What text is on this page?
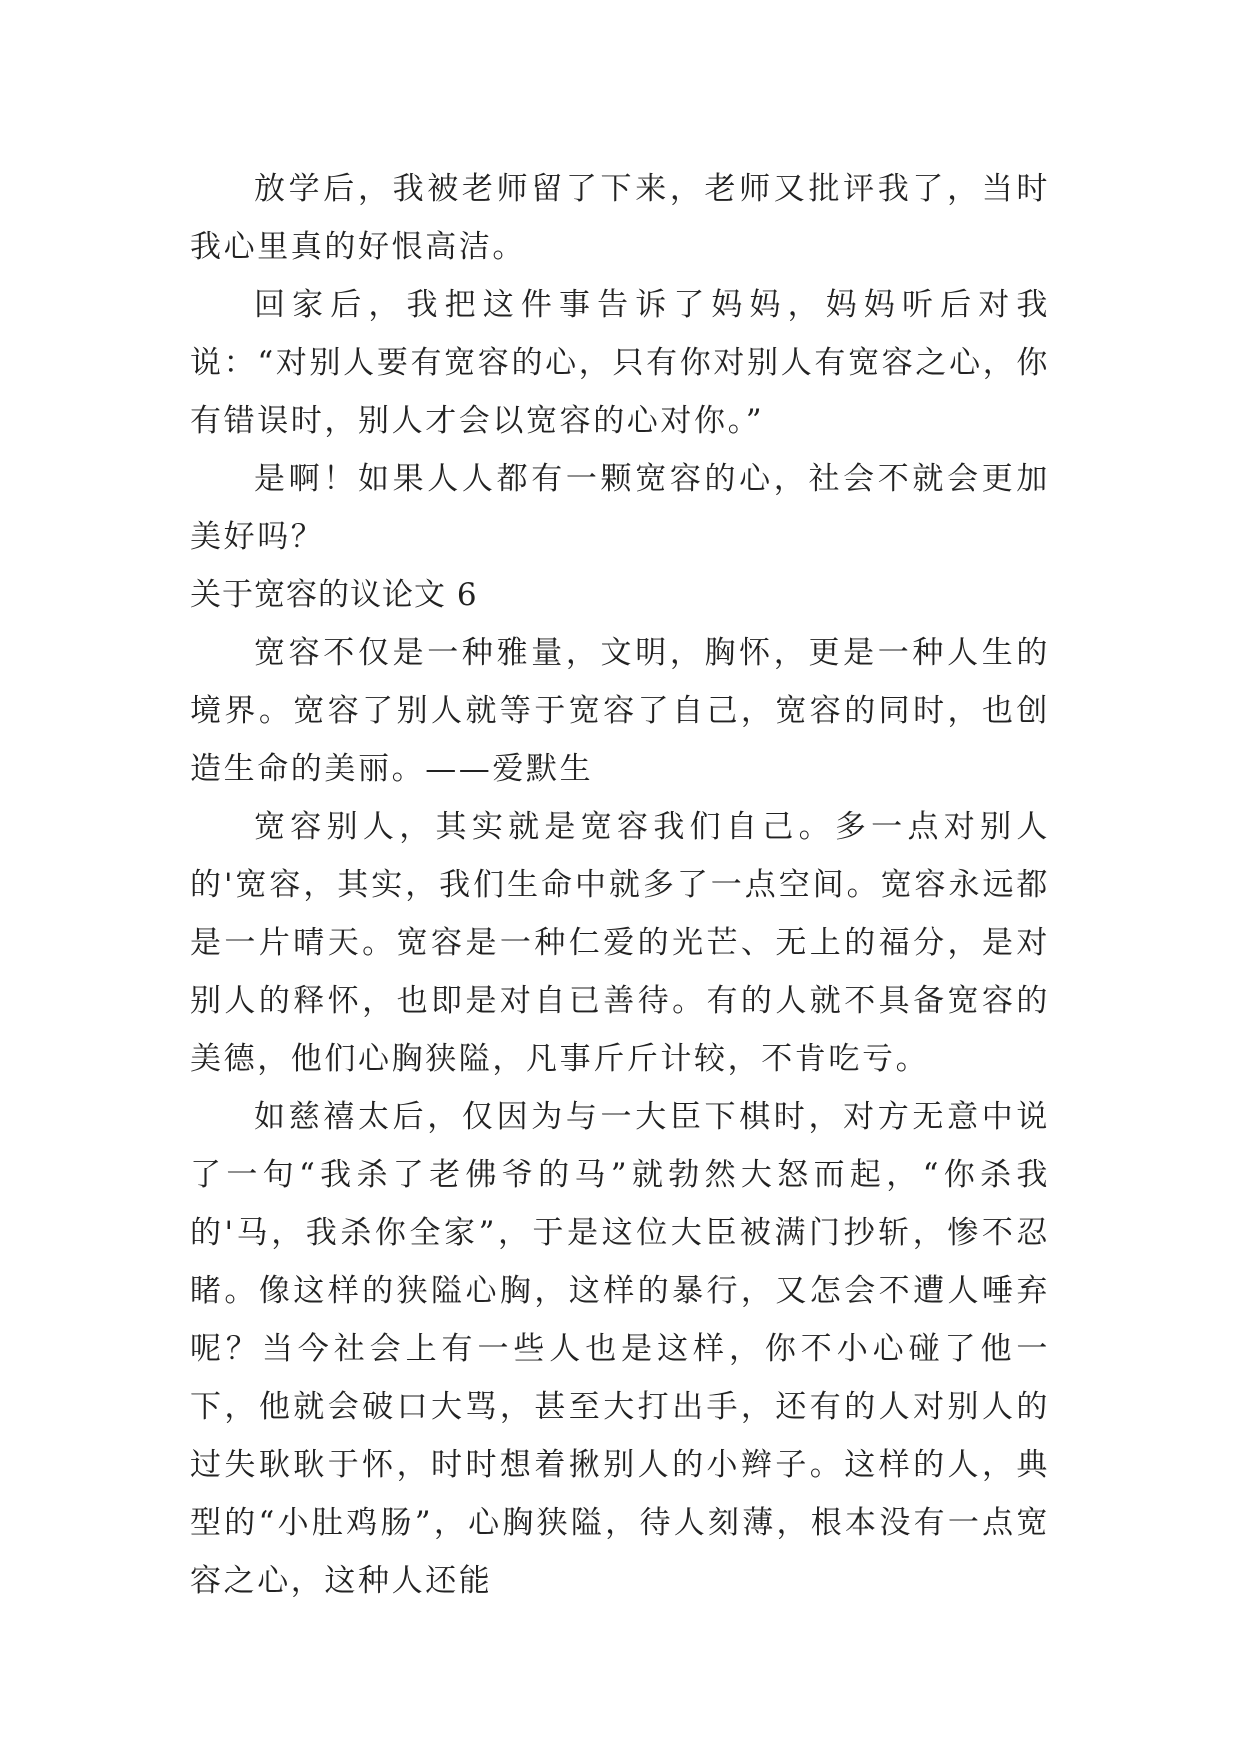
放学后，我被老师留了下来，老师又批评我了，当时我心里真的好恨高洁。

回家后，我把这件事告诉了妈妈，妈妈听后对我说：“对别人要有宽容的心，只有你对别人有宽容之心，你有错误时，别人才会以宽容的心对你。”

是啊！如果人人都有一颗宽容的心，社会不就会更加美好吗？

关于宽容的议论文 6

宽容不仅是一种雅量，文明，胸怀，更是一种人生的境界。宽容了别人就等于宽容了自己，宽容的同时，也创造生命的美丽。——爱默生

宽容别人，其实就是宽容我们自己。多一点对别人的'宽容，其实，我们生命中就多了一点空间。宽容永远都是一片晴天。宽容是一种仁爱的光芒、无上的福分，是对别人的释怀，也即是对自已善待。有的人就不具备宽容的美德，他们心胸狭隘，凡事斤斤计较，不肯吃亏。

如慈禧太后，仅因为与一大臣下棋时，对方无意中说了一句“我杀了老佛爷的马”就勃然大怒而起，“你杀我的'马，我杀你全家”，于是这位大臣被满门抄斩，惨不忍睹。像这样的狭隘心胸，这样的暴行，又怎会不遭人唾弃呢？当今社会上有一些人也是这样，你不小心碰了他一下，他就会破口大骂，甚至大打出手，还有的人对别人的过失耿耿于怀，时时想着揪别人的小辫子。这样的人，典型的“小肚鸡肠”，心胸狭隘，待人刻薄，根本没有一点宽容之心，这种人还能
